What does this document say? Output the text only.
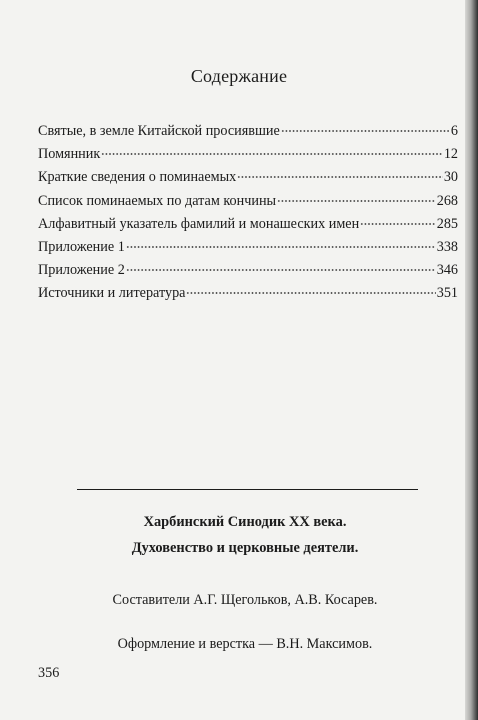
Содержание
Святые, в земле Китайской просиявшие	6
Помянник	12
Краткие сведения о поминаемых	30
Список поминаемых по датам кончины	268
Алфавитный указатель фамилий и монашеских имен	285
Приложение 1	338
Приложение 2	346
Источники и литература	351
Харбинский Синодик XX века.
Духовенство и церковные деятели.
Составители А.Г. Щегольков, А.В. Косарев.
Оформление и верстка — В.Н. Максимов.
356
